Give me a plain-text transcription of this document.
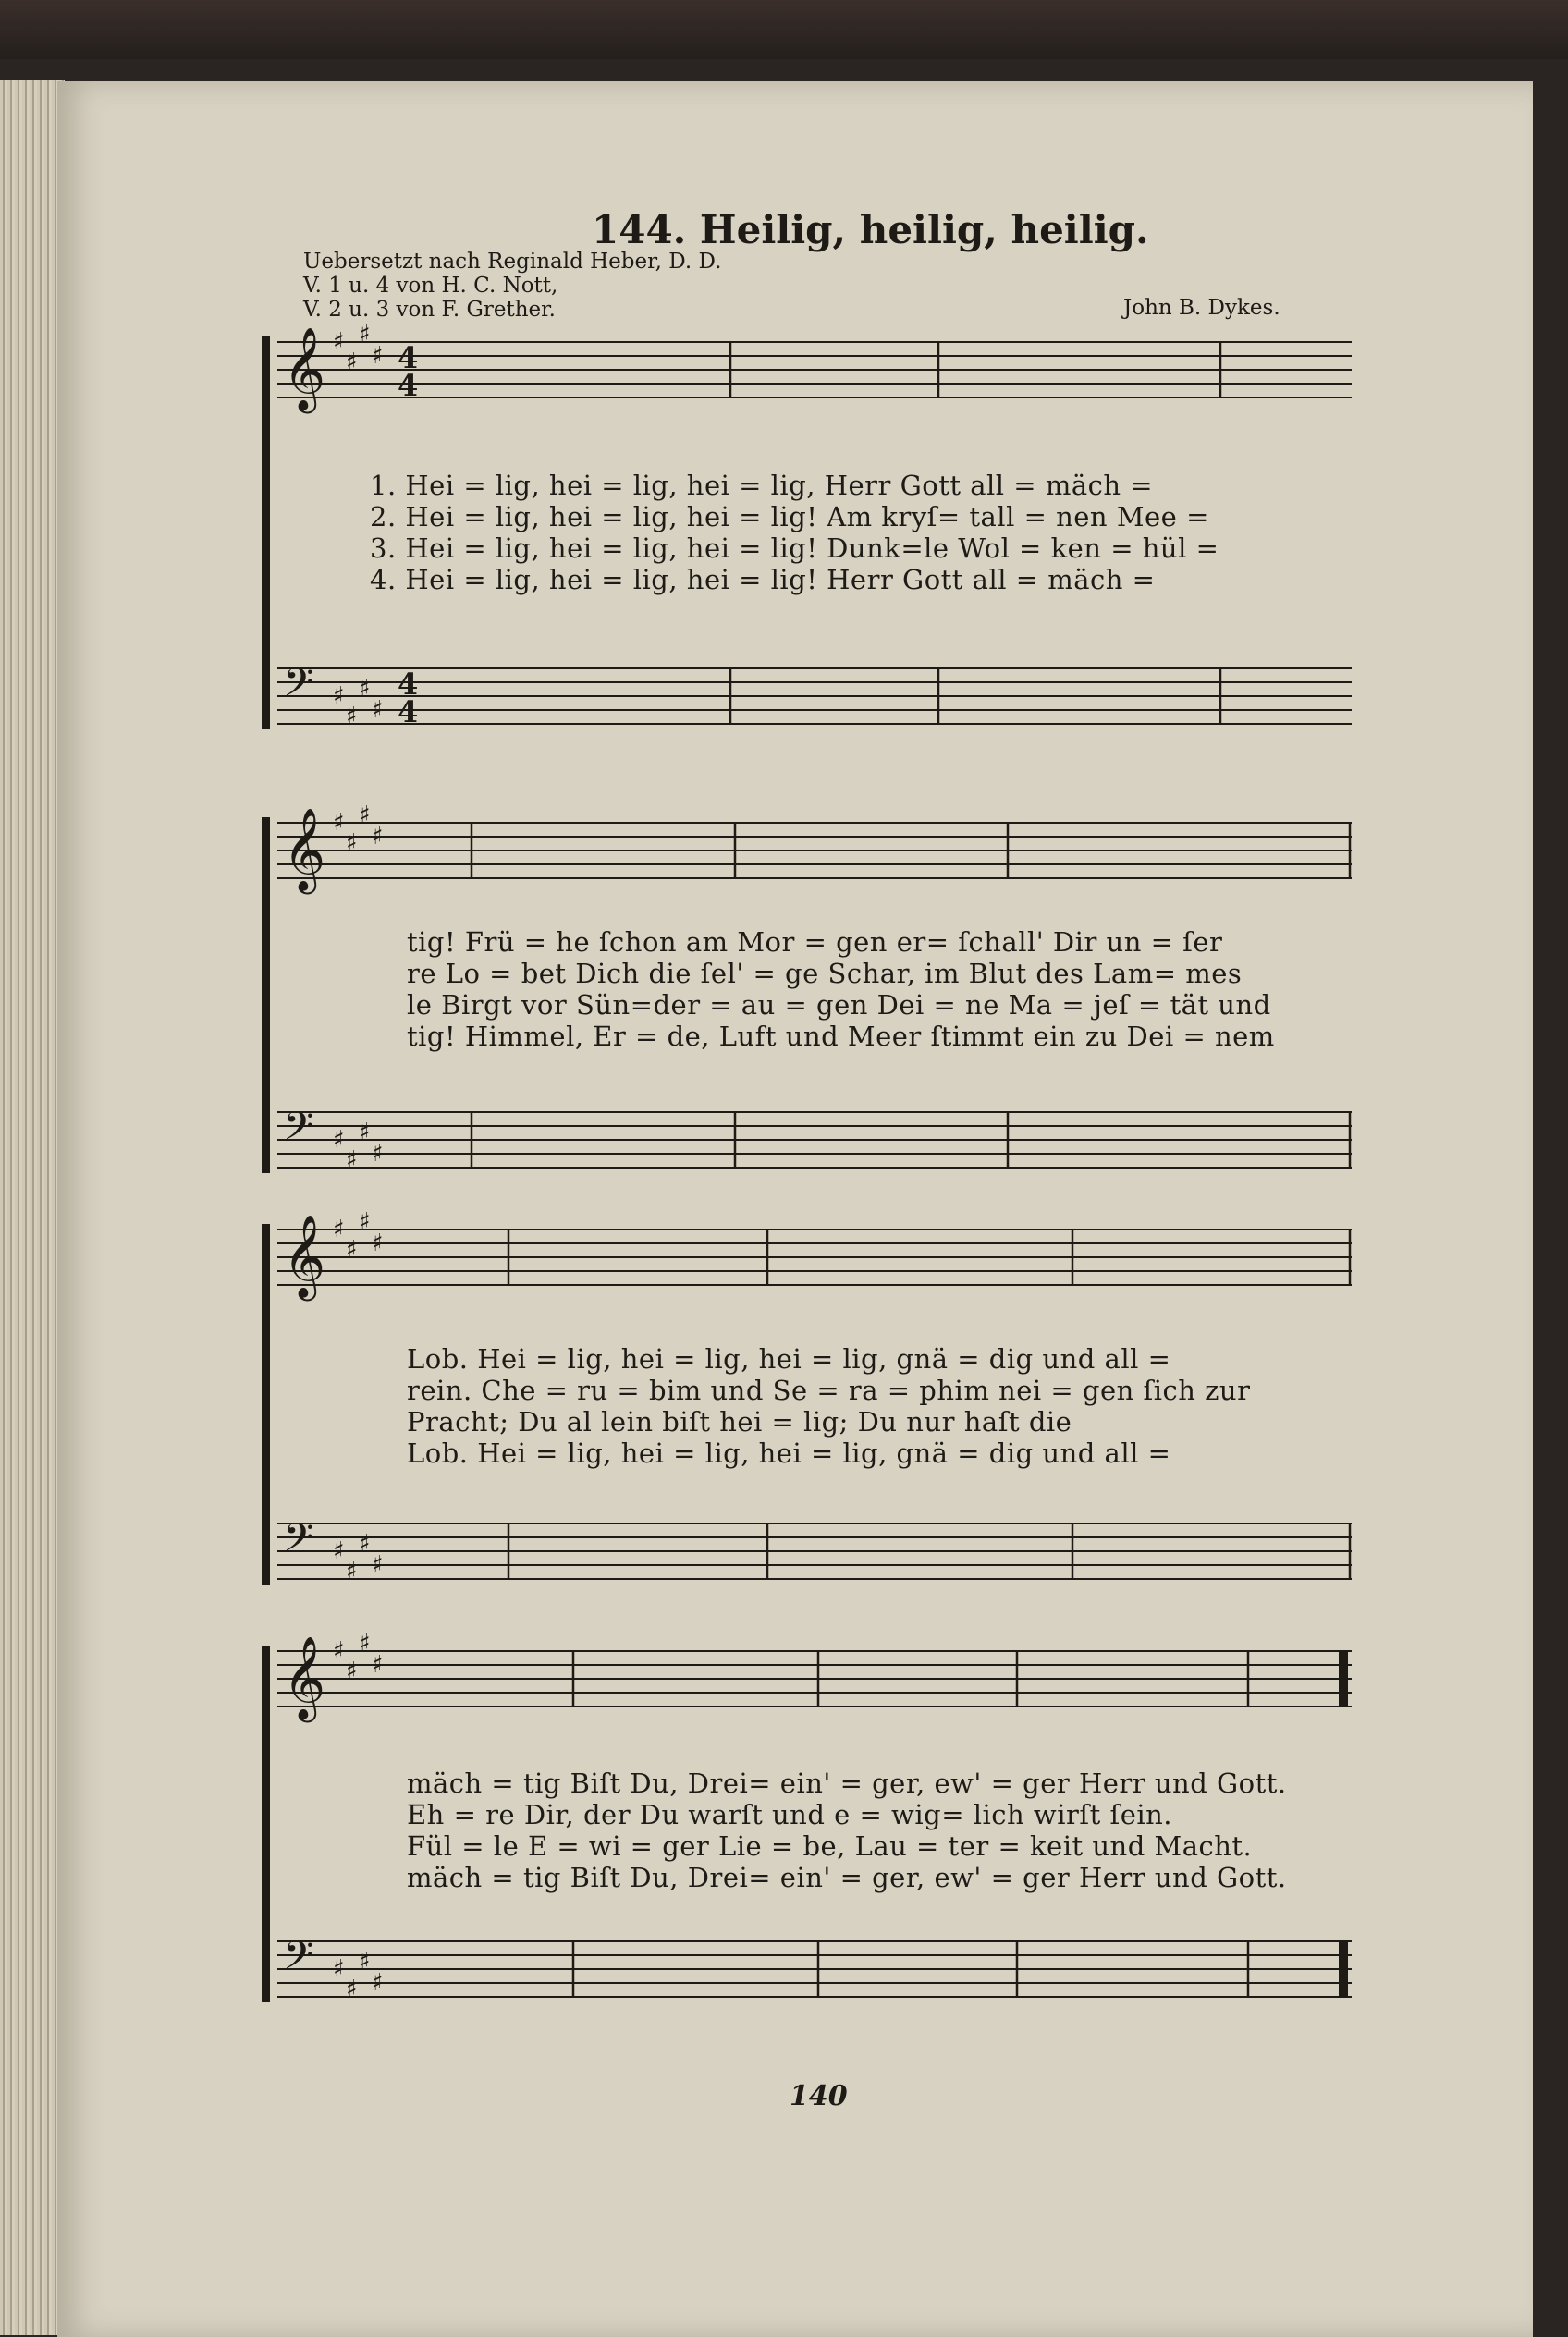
144. Heilig, heilig, heilig.
Uebersetzt nach Reginald Heber, D. D.
V. 1 u. 4 von H. C. Nott,
V. 2 u. 3 von F. Grether.	John B. Dykes.
𝄞 ♯
♯
♯
♯ 4
4
𝄢 ♯
♯
♯
♯
4
4
𝄞 ♯
♯
♯
♯
𝄢 ♯
♯
♯
♯
𝄞 ♯
♯
♯
♯
𝄢 ♯
♯
♯
♯
𝄞 ♯
♯
♯
♯
𝄢 ♯
♯
♯
♯
1. Hei = lig, hei = lig, hei = lig, Herr Gott all = mäch =
2. Hei = lig, hei = lig, hei = lig! Am kryſ= tall = nen Mee =
3. Hei = lig, hei = lig, hei = lig! Dunk=le Wol = ken = hül =
4. Hei = lig, hei = lig, hei = lig! Herr Gott all = mäch =
tig! Frü = he ſchon am Mor = gen er= ſchall' Dir un = ſer
re Lo = bet Dich die ſel' = ge Schar, im Blut des Lam= mes
le Birgt vor Sün=der = au = gen Dei = ne Ma = jeſ = tät und
tig! Himmel, Er = de, Luft und Meer ſtimmt ein zu Dei = nem
Lob. Hei = lig, hei = lig, hei = lig, gnä = dig und all =
rein. Che = ru = bim und Se = ra = phim nei = gen ſich zur
Pracht; Du al lein biſt hei = lig; Du nur haſt die
Lob. Hei = lig, hei = lig, hei = lig, gnä = dig und all =
mäch = tig Biſt Du, Drei= ein' = ger, ew' = ger Herr und Gott.
Eh = re Dir, der Du warſt und e = wig= lich wirſt ſein.
Fül = le E = wi = ger Lie = be, Lau = ter = keit und Macht.
mäch = tig Biſt Du, Drei= ein' = ger, ew' = ger Herr und Gott.
140
